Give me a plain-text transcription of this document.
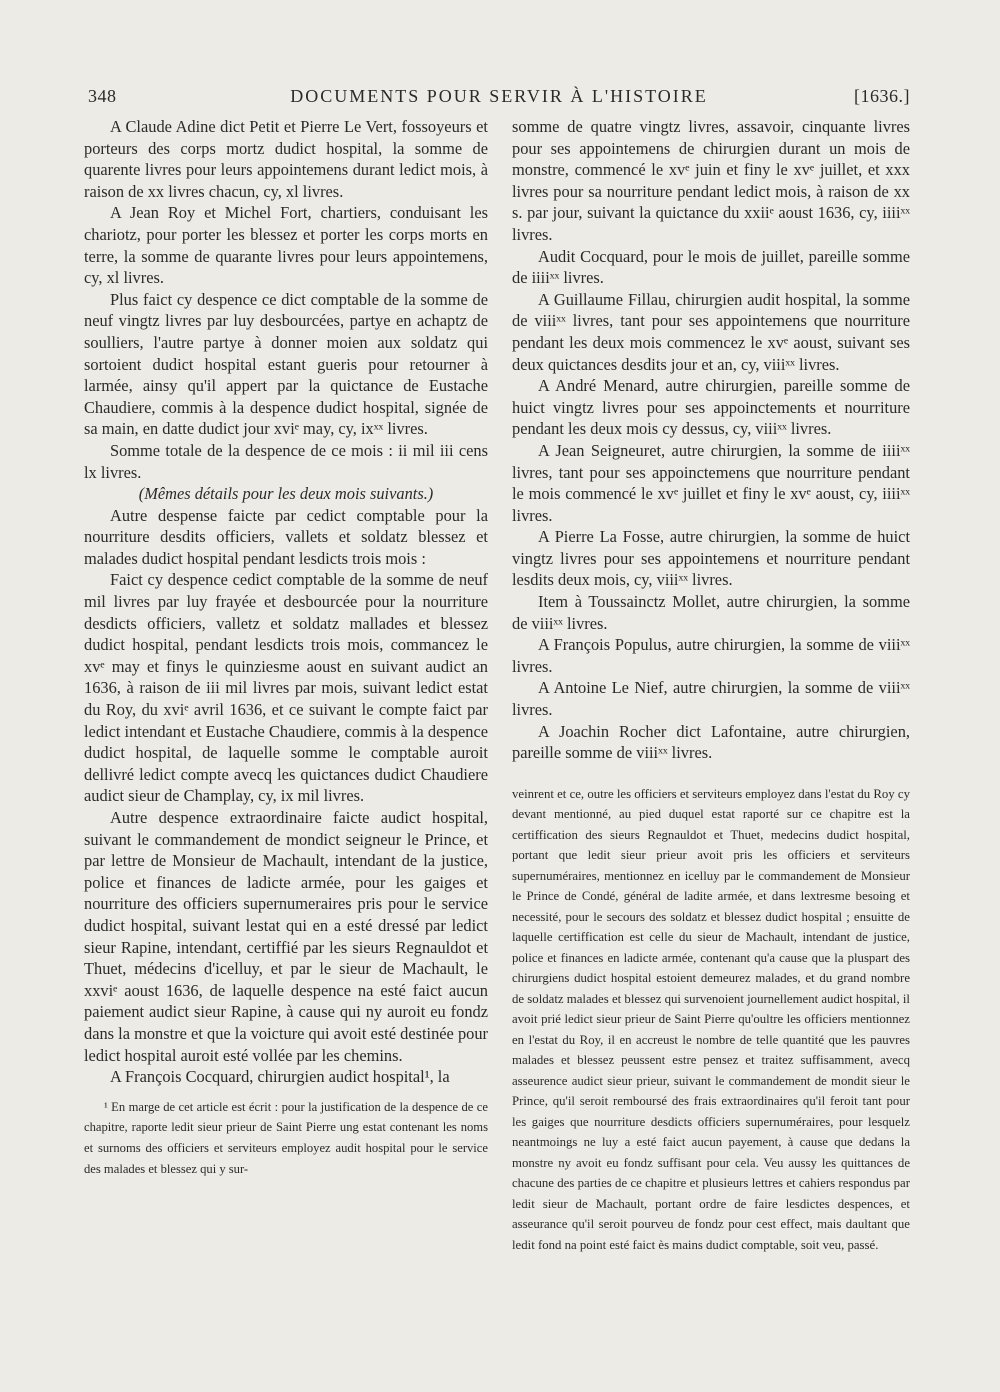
348	DOCUMENTS POUR SERVIR À L'HISTOIRE	[1636.]

A Claude Adine dict Petit et Pierre Le Vert, fossoyeurs et porteurs des corps mortz dudict hospital, la somme de quarente livres pour leurs appointemens durant ledict mois, à raison de xx livres chacun, cy, xl livres.

A Jean Roy et Michel Fort, chartiers, conduisant les chariotz, pour porter les blessez et porter les corps morts en terre, la somme de quarante livres pour leurs appointemens, cy, xl livres.

Plus faict cy despence ce dict comptable de la somme de neuf vingtz livres par luy desbourcées, partye en achaptz de soulliers, l'autre partye à donner moien aux soldatz qui sortoient dudict hospital estant gueris pour retourner à larmée, ainsy qu'il appert par la quictance de Eustache Chaudiere, commis à la despence dudict hospital, signée de sa main, en datte dudict jour xviᵉ may, cy, ixˣˣ livres.

Somme totale de la despence de ce mois : ii mil iii cens lx livres.

(Mêmes détails pour les deux mois suivants.)

Autre despense faicte par cedict comptable pour la nourriture desdits officiers, vallets et soldatz blessez et malades dudict hospital pendant lesdicts trois mois :

Faict cy despence cedict comptable de la somme de neuf mil livres par luy frayée et desbourcée pour la nourriture desdicts officiers, valletz et soldatz mallades et blessez dudict hospital, pendant lesdicts trois mois, commancez le xvᵉ may et finys le quinziesme aoust en suivant audict an 1636, à raison de iii mil livres par mois, suivant ledict estat du Roy, du xviᵉ avril 1636, et ce suivant le compte faict par ledict intendant et Eustache Chaudiere, commis à la despence dudict hospital, de laquelle somme le comptable auroit dellivré ledict compte avecq les quictances dudict Chaudiere audict sieur de Champlay, cy, ix mil livres.

Autre despence extraordinaire faicte audict hospital, suivant le commandement de mondict seigneur le Prince, et par lettre de Monsieur de Machault, intendant de la justice, police et finances de ladicte armée, pour les gaiges et nourriture des officiers supernumeraires pris pour le service dudict hospital, suivant lestat qui en a esté dressé par ledict sieur Rapine, intendant, certiffié par les sieurs Regnauldot et Thuet, médecins d'icelluy, et par le sieur de Machault, le xxviᵉ aoust 1636, de laquelle despence na esté faict aucun paiement audict sieur Rapine, à cause qui ny auroit eu fondz dans la monstre et que la voicture qui avoit esté destinée pour ledict hospital auroit esté vollée par les chemins.

A François Cocquard, chirurgien audict hospital¹, la

¹ En marge de cet article est écrit : pour la justification de la despence de ce chapitre, raporte ledit sieur prieur de Saint Pierre ung estat contenant les noms et surnoms des officiers et serviteurs employez audit hospital pour le service des malades et blessez qui y sur-

somme de quatre vingtz livres, assavoir, cinquante livres pour ses appointemens de chirurgien durant un mois de monstre, commencé le xvᵉ juin et finy le xvᵉ juillet, et xxx livres pour sa nourriture pendant ledict mois, à raison de xx s. par jour, suivant la quictance du xxiiᵉ aoust 1636, cy, iiiiˣˣ livres.

Audit Cocquard, pour le mois de juillet, pareille somme de iiiiˣˣ livres.

A Guillaume Fillau, chirurgien audit hospital, la somme de viiiˣˣ livres, tant pour ses appointemens que nourriture pendant les deux mois commencez le xvᵉ aoust, suivant ses deux quictances desdits jour et an, cy, viiiˣˣ livres.

A André Menard, autre chirurgien, pareille somme de huict vingtz livres pour ses appoinctements et nourriture pendant les deux mois cy dessus, cy, viiiˣˣ livres.

A Jean Seigneuret, autre chirurgien, la somme de iiiiˣˣ livres, tant pour ses appoinctemens que nourriture pendant le mois commencé le xvᵉ juillet et finy le xvᵉ aoust, cy, iiiiˣˣ livres.

A Pierre La Fosse, autre chirurgien, la somme de huict vingtz livres pour ses appointemens et nourriture pendant lesdits deux mois, cy, viiiˣˣ livres.

Item à Toussainctz Mollet, autre chirurgien, la somme de viiiˣˣ livres.

A François Populus, autre chirurgien, la somme de viiiˣˣ livres.

A Antoine Le Nief, autre chirurgien, la somme de viiiˣˣ livres.

A Joachin Rocher dict Lafontaine, autre chirurgien, pareille somme de viiiˣˣ livres.

veinrent et ce, outre les officiers et serviteurs employez dans l'estat du Roy cy devant mentionné, au pied duquel estat raporté sur ce chapitre est la certiffication des sieurs Regnauldot et Thuet, medecins dudict hospital, portant que ledit sieur prieur avoit pris les officiers et serviteurs supernuméraires, mentionnez en icelluy par le commandement de Monsieur le Prince de Condé, général de ladite armée, et dans lextresme besoing et necessité, pour le secours des soldatz et blessez dudict hospital ; ensuitte de laquelle certiffication est celle du sieur de Machault, intendant de justice, police et finances en ladicte armée, contenant qu'a cause que la pluspart des chirurgiens dudict hospital estoient demeurez malades, et du grand nombre de soldatz malades et blessez qui survenoient journellement audict hospital, il avoit prié ledict sieur prieur de Saint Pierre qu'oultre les officiers mentionnez en l'estat du Roy, il en accreust le nombre de telle quantité que les pauvres malades et blessez peussent estre pensez et traitez suffisamment, avecq asseurence audict sieur prieur, suivant le commandement de mondit sieur le Prince, qu'il seroit remboursé des frais extraordinaires qu'il feroit tant pour les gaiges que nourriture desdicts officiers supernuméraires, pour lesquelz neantmoings ne luy a esté faict aucun payement, à cause que dedans la monstre ny avoit eu fondz suffisant pour cela. Veu aussy les quittances de chacune des parties de ce chapitre et plusieurs lettres et cahiers respondus par ledit sieur de Machault, portant ordre de faire lesdictes despences, et asseurance qu'il seroit pourveu de fondz pour cest effect, mais daultant que ledit fond na point esté faict ès mains dudict comptable, soit veu, passé.
